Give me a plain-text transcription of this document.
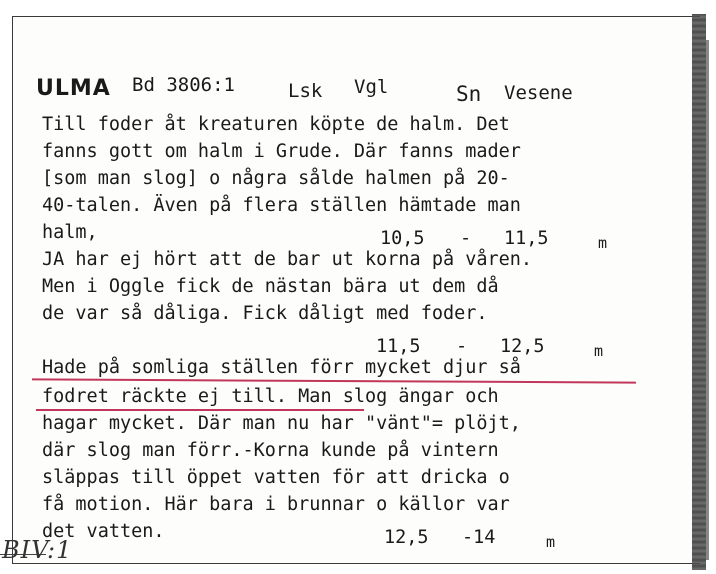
ULMA Bd 3806:1	Lsk Vgl	Sn Vesene
Till foder åt kreaturen köpte de halm. Det
fanns gott om halm i Grude. Där fanns mader
[som man slog] o några sålde halmen på 20-
40-talen. Även på flera ställen hämtade man
halm,
JA har ej hört att de bar ut korna på våren.
Men i Oggle fick de nästan bära ut dem då
de var så dåliga. Fick dåligt med foder.
Hade på somliga ställen förr mycket djur så
fodret räckte ej till. Man slog ängar och
hagar mycket. Där man nu har "vänt"= plöjt,
där slog man förr.-Korna kunde på vintern
släppas till öppet vatten för att dricka o
få motion. Här bara i brunnar o källor var
det vatten.
10,5 - 11,5	m
11,5 - 12,5	m
12,5 -14	m
BIV:1
